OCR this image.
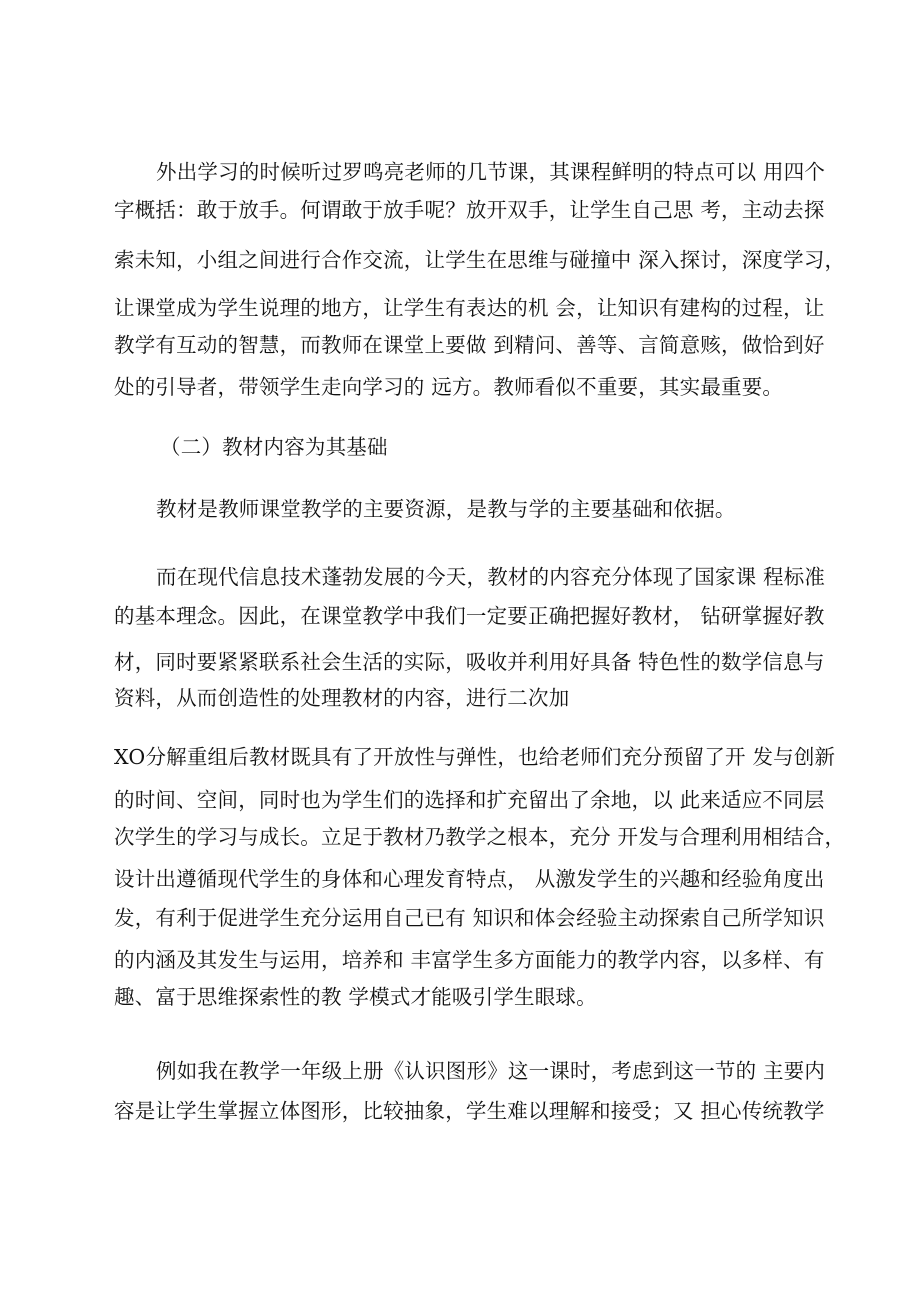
外出学习的时候听过罗鸣亮老师的几节课，其课程鲜明的特点可以 用四个
字概括：敢于放手。何谓敢于放手呢？放开双手，让学生自己思 考，主动去探
索未知，小组之间进行合作交流，让学生在思维与碰撞中 深入探讨，深度学习，
让课堂成为学生说理的地方，让学生有表达的机 会，让知识有建构的过程，让
教学有互动的智慧，而教师在课堂上要做 到精问、善等、言简意赅，做恰到好
处的引导者，带领学生走向学习的 远方。教师看似不重要，其实最重要。
（二）教材内容为其基础
教材是教师课堂教学的主要资源，是教与学的主要基础和依据。
而在现代信息技术蓬勃发展的今天，教材的内容充分体现了国家课 程标准
的基本理念。因此，在课堂教学中我们一定要正确把握好教材， 钻研掌握好教
材，同时要紧紧联系社会生活的实际，吸收并利用好具备 特色性的数学信息与
资料，从而创造性的处理教材的内容，进行二次加
XO分解重组后教材既具有了开放性与弹性，也给老师们充分预留了开 发与创新
的时间、空间，同时也为学生们的选择和扩充留出了余地，以 此来适应不同层
次学生的学习与成长。立足于教材乃教学之根本，充分 开发与合理利用相结合，
设计出遵循现代学生的身体和心理发育特点， 从激发学生的兴趣和经验角度出
发，有利于促进学生充分运用自己已有 知识和体会经验主动探索自己所学知识
的内涵及其发生与运用，培养和 丰富学生多方面能力的教学内容，以多样、有
趣、富于思维探索性的教 学模式才能吸引学生眼球。
例如我在教学一年级上册《认识图形》这一课时，考虑到这一节的 主要内
容是让学生掌握立体图形，比较抽象，学生难以理解和接受；又 担心传统教学
